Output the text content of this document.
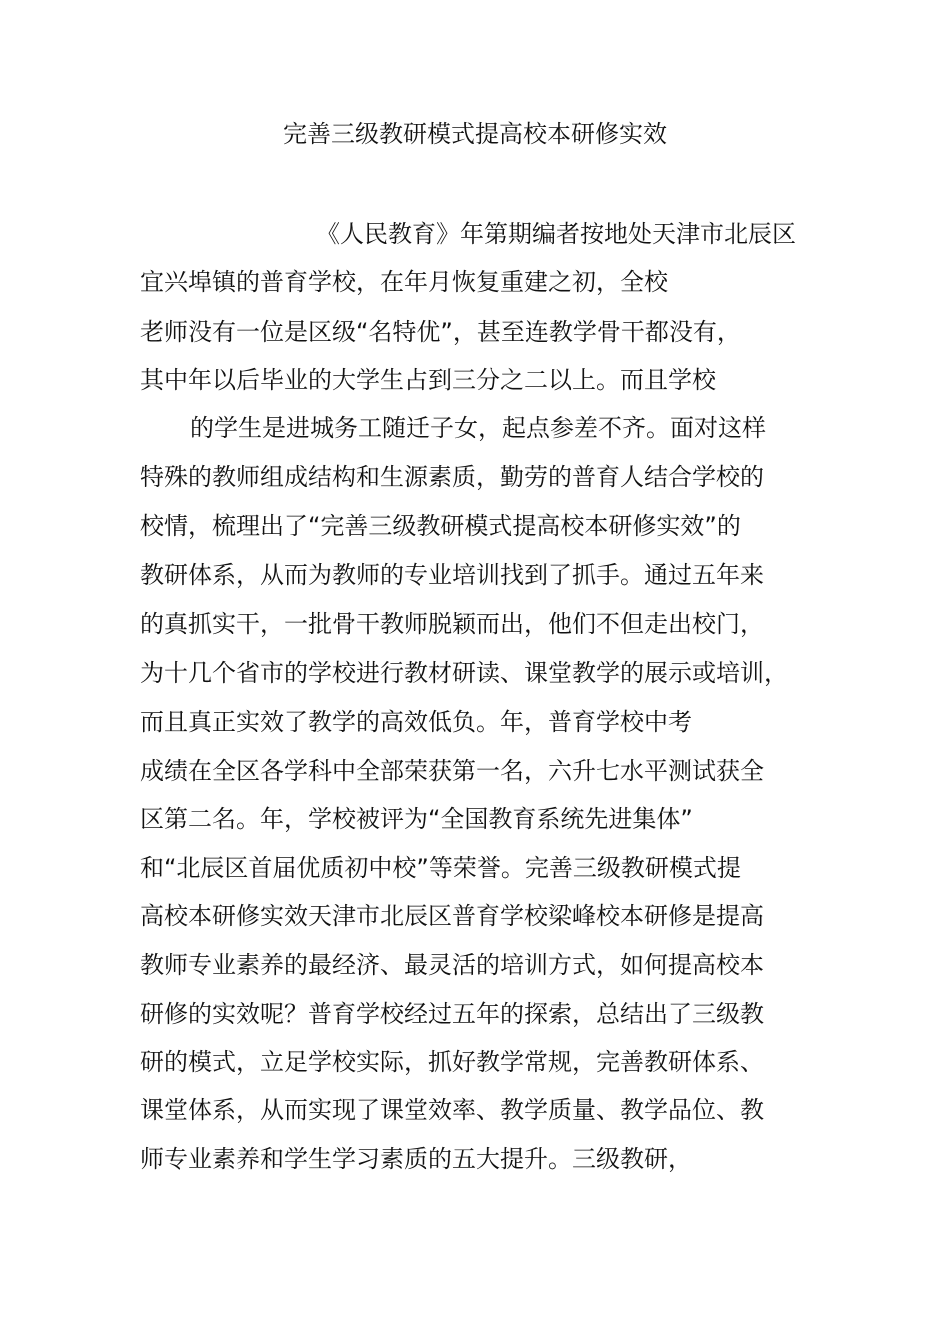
完善三级教研模式提高校本研修实效
《人民教育》年第期编者按地处天津市北辰区
宜兴埠镇的普育学校，在年月恢复重建之初，全校
老师没有一位是区级“名特优”，甚至连教学骨干都没有，
其中年以后毕业的大学生占到三分之二以上。而且学校
的学生是进城务工随迁子女，起点参差不齐。面对这样
特殊的教师组成结构和生源素质，勤劳的普育人结合学校的
校情，梳理出了“完善三级教研模式提高校本研修实效”的
教研体系，从而为教师的专业培训找到了抓手。通过五年来
的真抓实干，一批骨干教师脱颖而出，他们不但走出校门，
为十几个省市的学校进行教材研读、课堂教学的展示或培训，
而且真正实效了教学的高效低负。年，普育学校中考
成绩在全区各学科中全部荣获第一名，六升七水平测试获全
区第二名。年，学校被评为“全国教育系统先进集体”
和“北辰区首届优质初中校”等荣誉。完善三级教研模式提
高校本研修实效天津市北辰区普育学校梁峰校本研修是提高
教师专业素养的最经济、最灵活的培训方式，如何提高校本
研修的实效呢？普育学校经过五年的探索，总结出了三级教
研的模式，立足学校实际，抓好教学常规，完善教研体系、
课堂体系，从而实现了课堂效率、教学质量、教学品位、教
师专业素养和学生学习素质的五大提升。三级教研，
